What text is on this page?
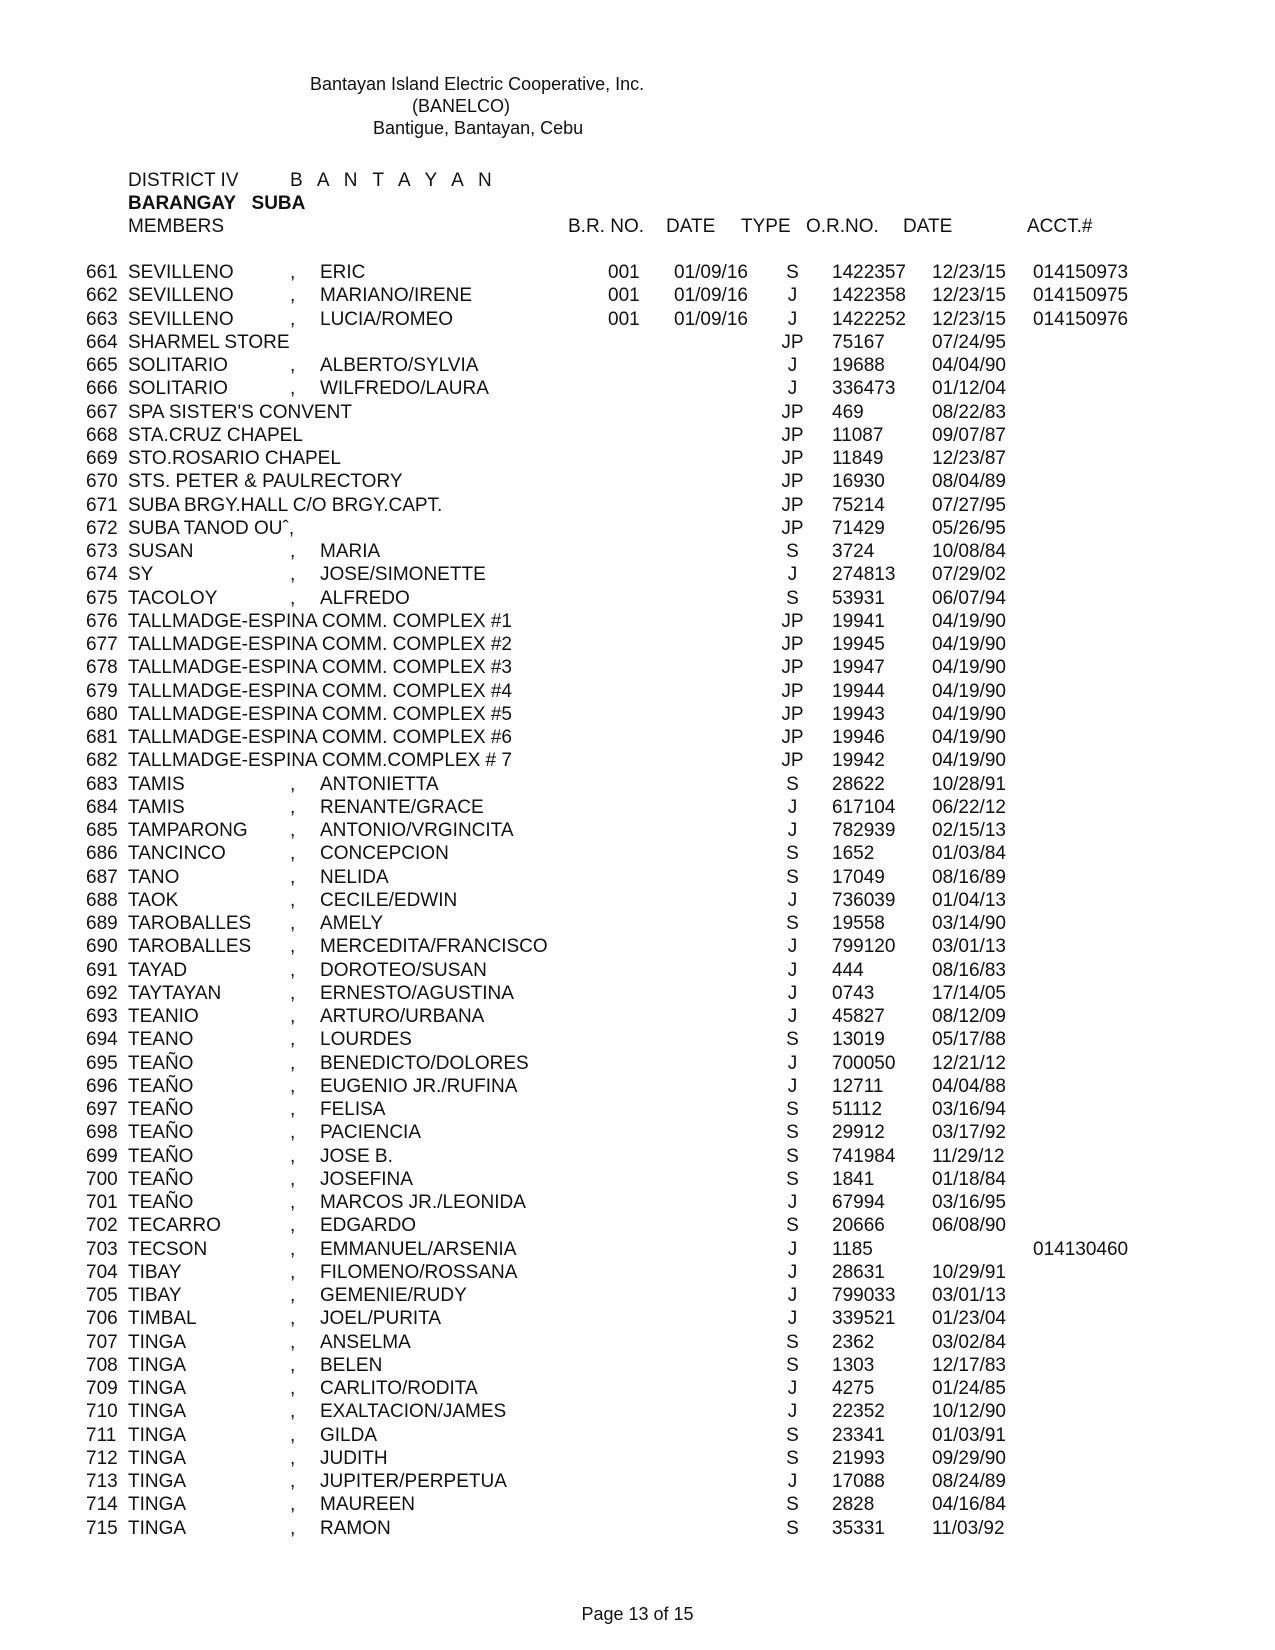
Bantayan Island Electric Cooperative, Inc.
(BANELCO)
Bantigue, Bantayan, Cebu
DISTRICT IV	B A N T A Y A N
BARANGAY   SUBA
MEMBERS	B.R. NO. DATE TYPE O.R.NO. DATE	ACCT.#
661 SEVILLENO	, ERIC	001 01/09/16	S	1422357 12/23/15 014150973
662 SEVILLENO	, MARIANO/IRENE	001 01/09/16	J	1422358 12/23/15 014150975
663 SEVILLENO	, LUCIA/ROMEO	001 01/09/16	J	1422252 12/23/15 014150976
664 SHARMEL STORE	JP	75167 07/24/95
665 SOLITARIO	, ALBERTO/SYLVIA	J	19688 04/04/90
666 SOLITARIO	, WILFREDO/LAURA	J	336473 01/12/04
667 SPA SISTER'S CONVENT	JP	469	08/22/83
668 STA.CRUZ CHAPEL	JP	11087	09/07/87
669 STO.ROSARIO CHAPEL	JP	11849	12/23/87
670 STS. PETER & PAULRECTORY	JP	16930 08/04/89
671 SUBA BRGY.HALL C/O BRGY.CAPT.	JP	75214 07/27/95
672 SUBA TANOD OUˆ,	JP	71429 05/26/95
673 SUSAN	, MARIA	S	3724	10/08/84
674 SY	, JOSE/SIMONETTE	J	274813 07/29/02
675 TACOLOY	, ALFREDO	S	53931 06/07/94
676 TALLMADGE-ESPINA COMM. COMPLEX #1	JP	19941 04/19/90
677 TALLMADGE-ESPINA COMM. COMPLEX #2	JP	19945 04/19/90
678 TALLMADGE-ESPINA COMM. COMPLEX #3	JP	19947 04/19/90
679 TALLMADGE-ESPINA COMM. COMPLEX #4	JP	19944 04/19/90
680 TALLMADGE-ESPINA COMM. COMPLEX #5	JP	19943 04/19/90
681 TALLMADGE-ESPINA COMM. COMPLEX #6	JP	19946 04/19/90
682 TALLMADGE-ESPINA COMM.COMPLEX # 7	JP	19942 04/19/90
683 TAMIS	, ANTONIETTA	S	28622 10/28/91
684 TAMIS	, RENANTE/GRACE	J	617104 06/22/12
685 TAMPARONG , ANTONIO/VRGINCITA	J	782939 02/15/13
686 TANCINCO	, CONCEPCION	S	1652	01/03/84
687 TANO	, NELIDA	S	17049 08/16/89
688 TAOK	, CECILE/EDWIN	J	736039 01/04/13
689 TAROBALLES , AMELY	S	19558 03/14/90
690 TAROBALLES , MERCEDITA/FRANCISCO	J	799120 03/01/13
691 TAYAD	, DOROTEO/SUSAN	J	444	08/16/83
692 TAYTAYAN	, ERNESTO/AGUSTINA	J	0743	17/14/05
693 TEANIO	, ARTURO/URBANA	J	45827 08/12/09
694 TEANO	, LOURDES	S	13019 05/17/88
695 TEAÑO	, BENEDICTO/DOLORES	J	700050 12/21/12
696 TEAÑO	, EUGENIO JR./RUFINA	J	12711	04/04/88
697 TEAÑO	, FELISA	S	51112	03/16/94
698 TEAÑO	, PACIENCIA	S	29912 03/17/92
699 TEAÑO	, JOSE B.	S	741984 11/29/12
700 TEAÑO	, JOSEFINA	S	1841	01/18/84
701 TEAÑO	, MARCOS JR./LEONIDA	J	67994 03/16/95
702 TECARRO	, EDGARDO	S	20666 06/08/90
703 TECSON	, EMMANUEL/ARSENIA	J	1185	014130460
704 TIBAY	, FILOMENO/ROSSANA	J	28631 10/29/91
705 TIBAY	, GEMENIE/RUDY	J	799033 03/01/13
706 TIMBAL	, JOEL/PURITA	J	339521 01/23/04
707 TINGA	, ANSELMA	S	2362	03/02/84
708 TINGA	, BELEN	S	1303	12/17/83
709 TINGA	, CARLITO/RODITA	J	4275	01/24/85
710 TINGA	, EXALTACION/JAMES	J	22352 10/12/90
711 TINGA	, GILDA	S	23341 01/03/91
712 TINGA	, JUDITH	S	21993 09/29/90
713 TINGA	, JUPITER/PERPETUA	J	17088 08/24/89
714 TINGA	, MAUREEN	S	2828	04/16/84
715 TINGA	, RAMON	S	35331 11/03/92
Page 13 of 15
